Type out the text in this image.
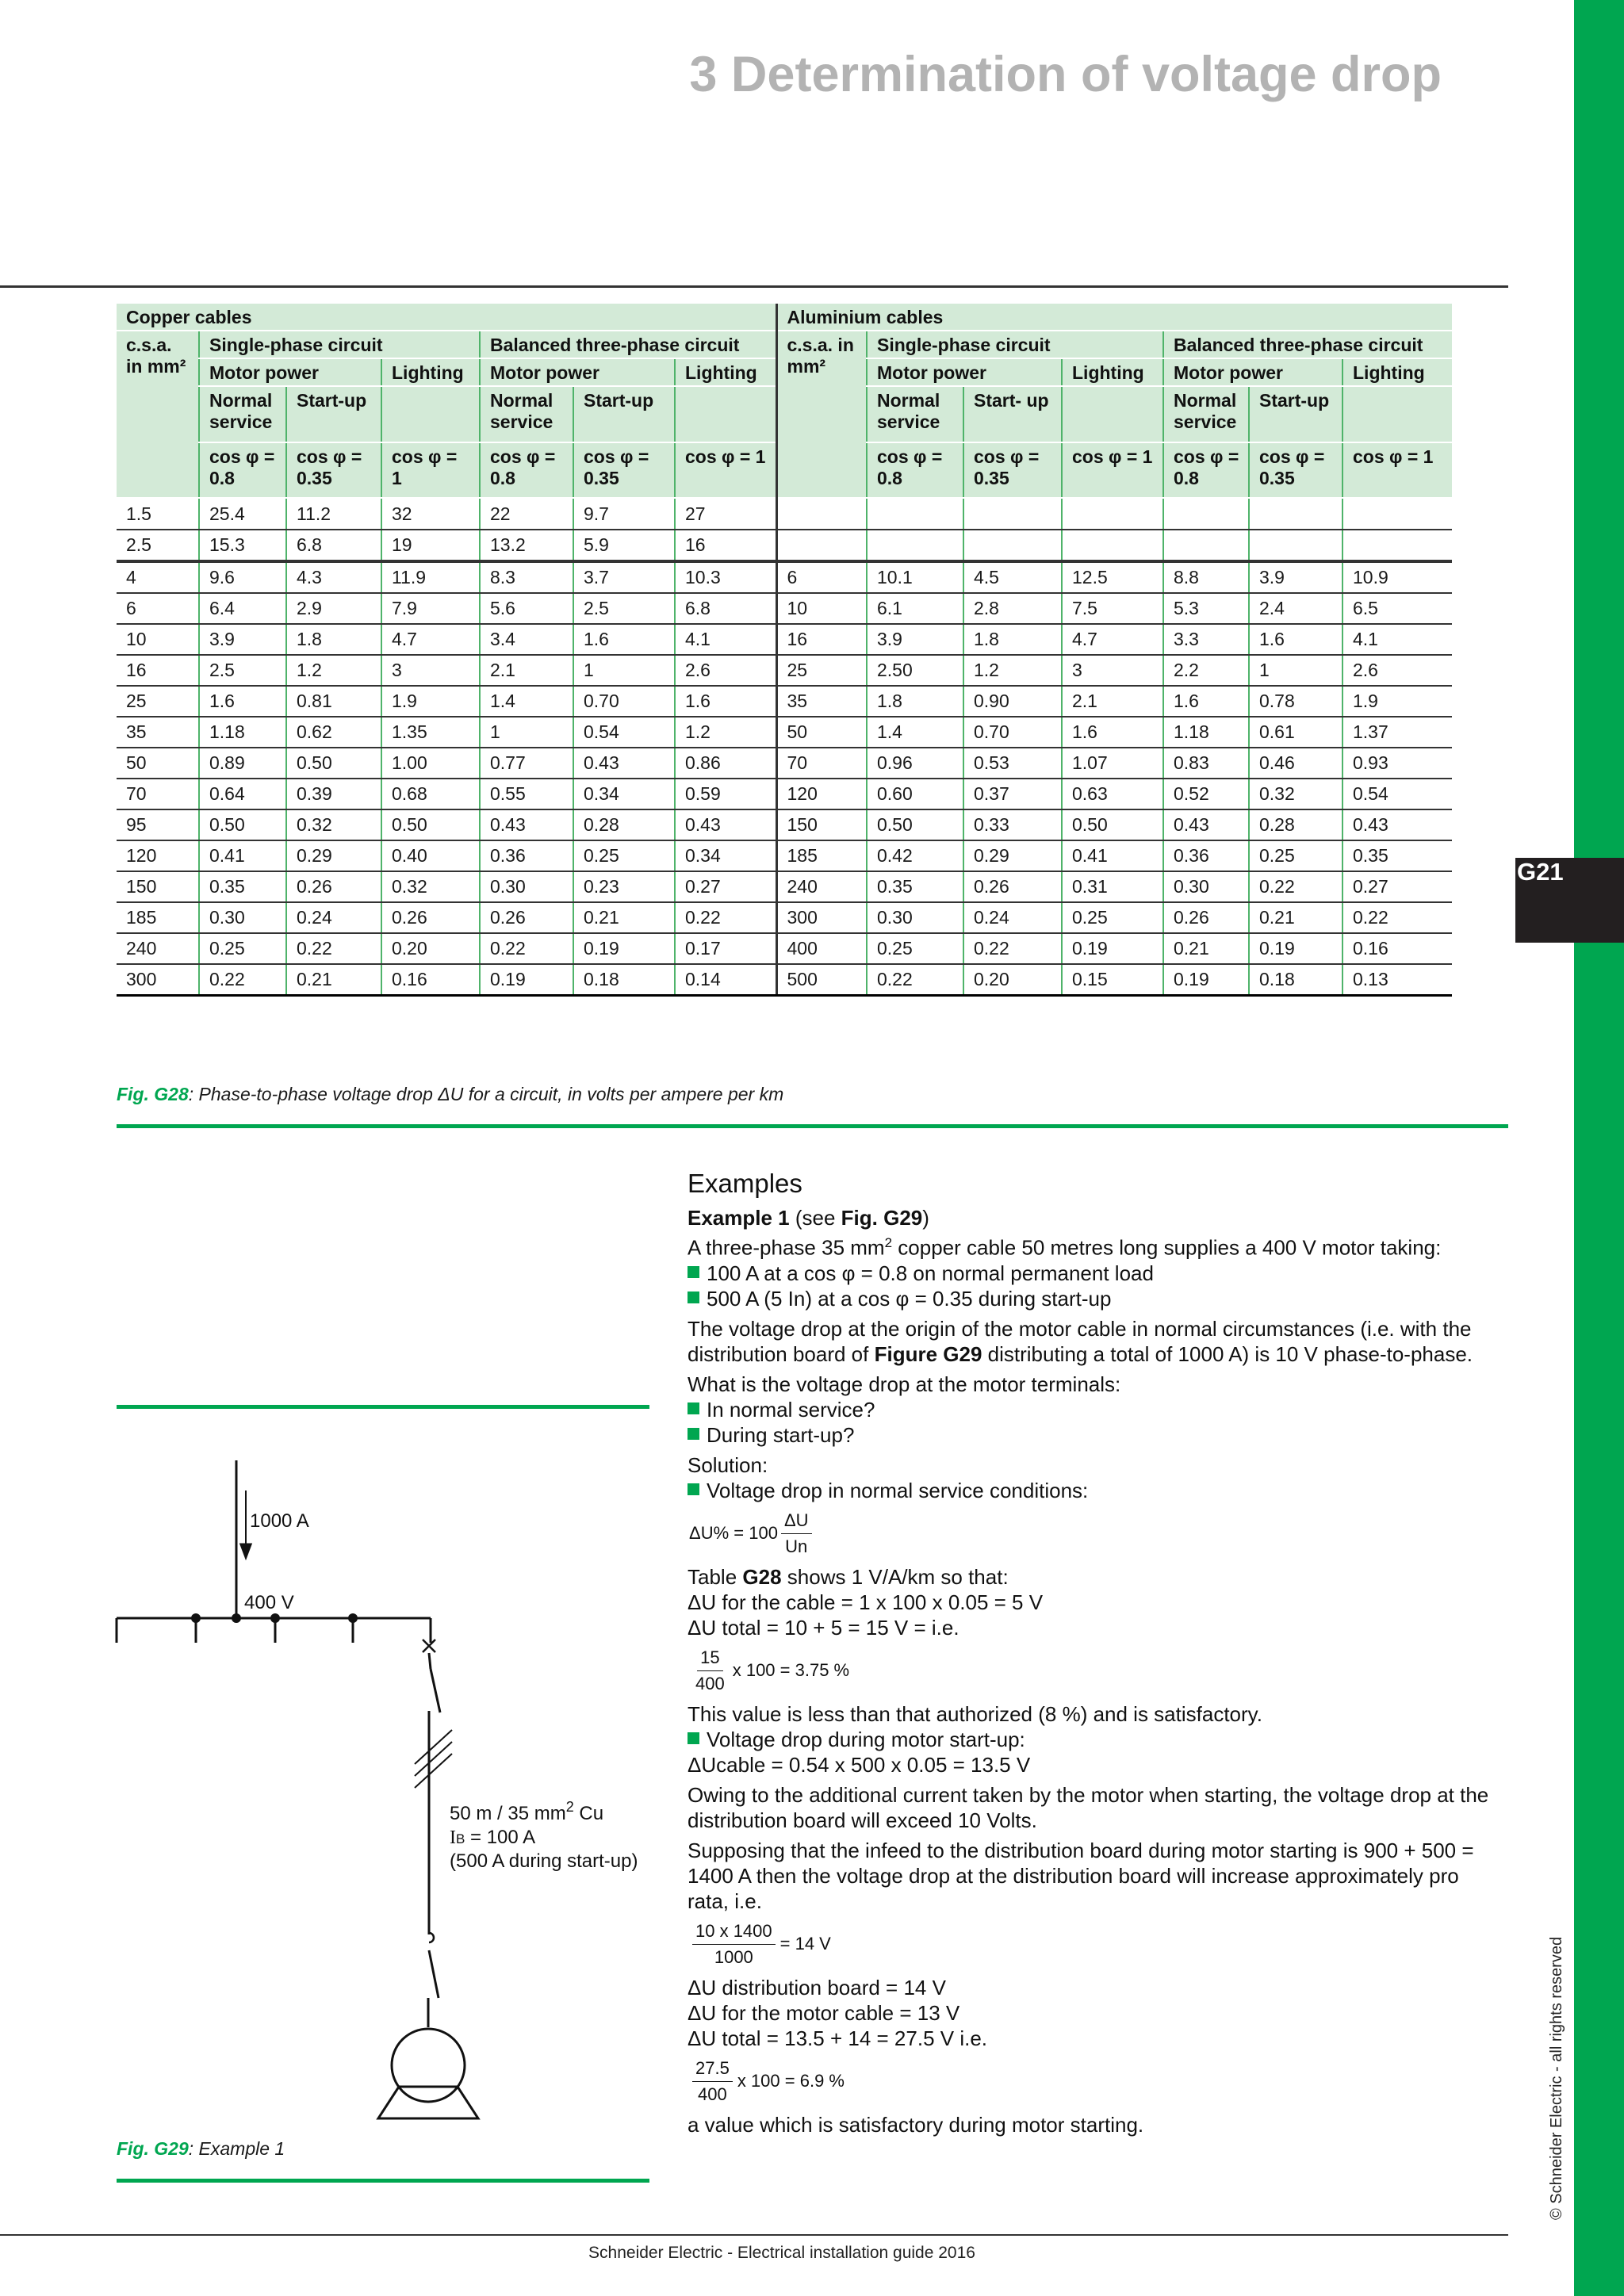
G21
© Schneider Electric - all rights reserved
3 Determination of voltage drop
Copper cables							Aluminium cables						
c.s.a. in mm²	Single-phase circuit			Balanced three-phase circuit			c.s.a. in mm²	Single-phase circuit			Balanced three-phase circuit		
	Motor power		Lighting	Motor power		Lighting		Motor power		Lighting	Motor power		Lighting
	Normal service	Start-up		Normal service	Start-up			Normal service	Start- up		Normal service	Start-up	
	cos φ = 0.8	cos φ = 0.35	cos φ = 1	cos φ = 0.8	cos φ = 0.35	cos φ = 1		cos φ = 0.8	cos φ = 0.35	cos φ = 1	cos φ = 0.8	cos φ = 0.35	cos φ = 1
1.5	25.4	11.2	32	22	9.7	27							
2.5	15.3	6.8	19	13.2	5.9	16							
4	9.6	4.3	11.9	8.3	3.7	10.3	6	10.1	4.5	12.5	8.8	3.9	10.9
6	6.4	2.9	7.9	5.6	2.5	6.8	10	6.1	2.8	7.5	5.3	2.4	6.5
10	3.9	1.8	4.7	3.4	1.6	4.1	16	3.9	1.8	4.7	3.3	1.6	4.1
16	2.5	1.2	3	2.1	1	2.6	25	2.50	1.2	3	2.2	1	2.6
25	1.6	0.81	1.9	1.4	0.70	1.6	35	1.8	0.90	2.1	1.6	0.78	1.9
35	1.18	0.62	1.35	1	0.54	1.2	50	1.4	0.70	1.6	1.18	0.61	1.37
50	0.89	0.50	1.00	0.77	0.43	0.86	70	0.96	0.53	1.07	0.83	0.46	0.93
70	0.64	0.39	0.68	0.55	0.34	0.59	120	0.60	0.37	0.63	0.52	0.32	0.54
95	0.50	0.32	0.50	0.43	0.28	0.43	150	0.50	0.33	0.50	0.43	0.28	0.43
120	0.41	0.29	0.40	0.36	0.25	0.34	185	0.42	0.29	0.41	0.36	0.25	0.35
150	0.35	0.26	0.32	0.30	0.23	0.27	240	0.35	0.26	0.31	0.30	0.22	0.27
185	0.30	0.24	0.26	0.26	0.21	0.22	300	0.30	0.24	0.25	0.26	0.21	0.22
240	0.25	0.22	0.20	0.22	0.19	0.17	400	0.25	0.22	0.19	0.21	0.19	0.16
300	0.22	0.21	0.16	0.19	0.18	0.14	500	0.22	0.20	0.15	0.19	0.18	0.13
Fig. G28: Phase-to-phase voltage drop ΔU for a circuit, in volts per ampere per km
1000 A
400 V
50 m / 35 $mm^2$ Cu
IB = 100 A
(500 A during start-up)
Fig. G29: Example 1
Examples

Example 1 (see Fig. G29)

A three-phase 35 $mm^2$ copper cable 50 metres long supplies a 400 V motor taking:

100 A at a cos φ = 0.8 on normal permanent load

500 A (5 In) at a cos φ = 0.35 during start-up

The voltage drop at the origin of the motor cable in normal circumstances (i.e. with the distribution board of Figure G29 distributing a total of 1000 A) is 10 V phase-to-phase.

What is the voltage drop at the motor terminals:

In normal service?

During start-up?

Solution:

Voltage drop in normal service conditions:

$\Delta U\% = 100 \frac{\Delta U}{Un}$

Table G28 shows 1 V/A/km so that:

ΔU for the cable = 1 x 100 x 0.05 = 5 V

ΔU total = 10 + 5 = 15 V = i.e.

$\frac{15}{400}$ x 100 = 3.75 %

This value is less than that authorized (8 %) and is satisfactory.

Voltage drop during motor start-up:

ΔUcable = 0.54 x 500 x 0.05 = 13.5 V

Owing to the additional current taken by the motor when starting, the voltage drop at the distribution board will exceed 10 Volts.

Supposing that the infeed to the distribution board during motor starting is 900 + 500 = 1400 A then the voltage drop at the distribution board will increase approximately pro rata, i.e.

$\frac{10 x 1400}{1000} = 14$ V

ΔU distribution board = 14 V

ΔU for the motor cable = 13 V

ΔU total = 13.5 + 14 = 27.5 V i.e.

$\frac{27.5}{400}$ x 100 = 6.9 %

a value which is satisfactory during motor starting.

Schneider Electric - Electrical installation guide 2016
